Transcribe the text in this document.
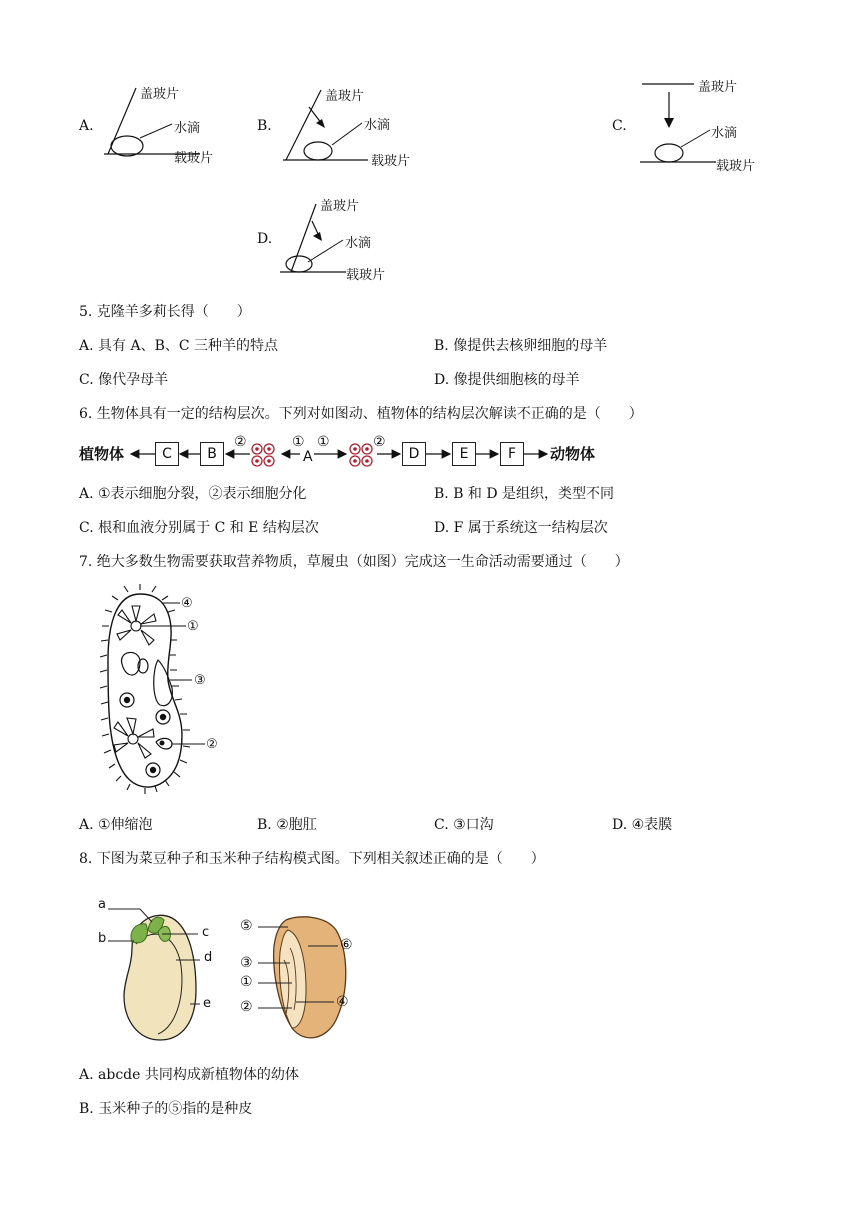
A.
盖玻片
水滴
载玻片
B.
盖玻片
水滴
载玻片
C.
盖玻片
水滴
载玻片
D.
盖玻片
水滴
载玻片
5. 克隆羊多莉长得（　　）
A. 具有 A、B、C 三种羊的特点	B. 像提供去核卵细胞的母羊
C. 像代孕母羊	D. 像提供细胞核的母羊
6. 生物体具有一定的结构层次。下列对如图动、植物体的结构层次解读不正确的是（　　）
植物体	C	B	A	D	E	F	动物体
②	① ①	②
A. ①表示细胞分裂，②表示细胞分化	B. B 和 D 是组织，类型不同
C. 根和血液分别属于 C 和 E 结构层次	D. F 属于系统这一结构层次
7. 绝大多数生物需要获取营养物质，草履虫（如图）完成这一生命活动需要通过（　　）
④
①
③
②
A. ①伸缩泡	B. ②胞肛	C. ③口沟	D. ④表膜
8. 下图为菜豆种子和玉米种子结构模式图。下列相关叙述正确的是（　　）
a
b	c
d
e
⑤
⑥
③
①
②	④
A. abcde 共同构成新植物体的幼体
B. 玉米种子的⑤指的是种皮
